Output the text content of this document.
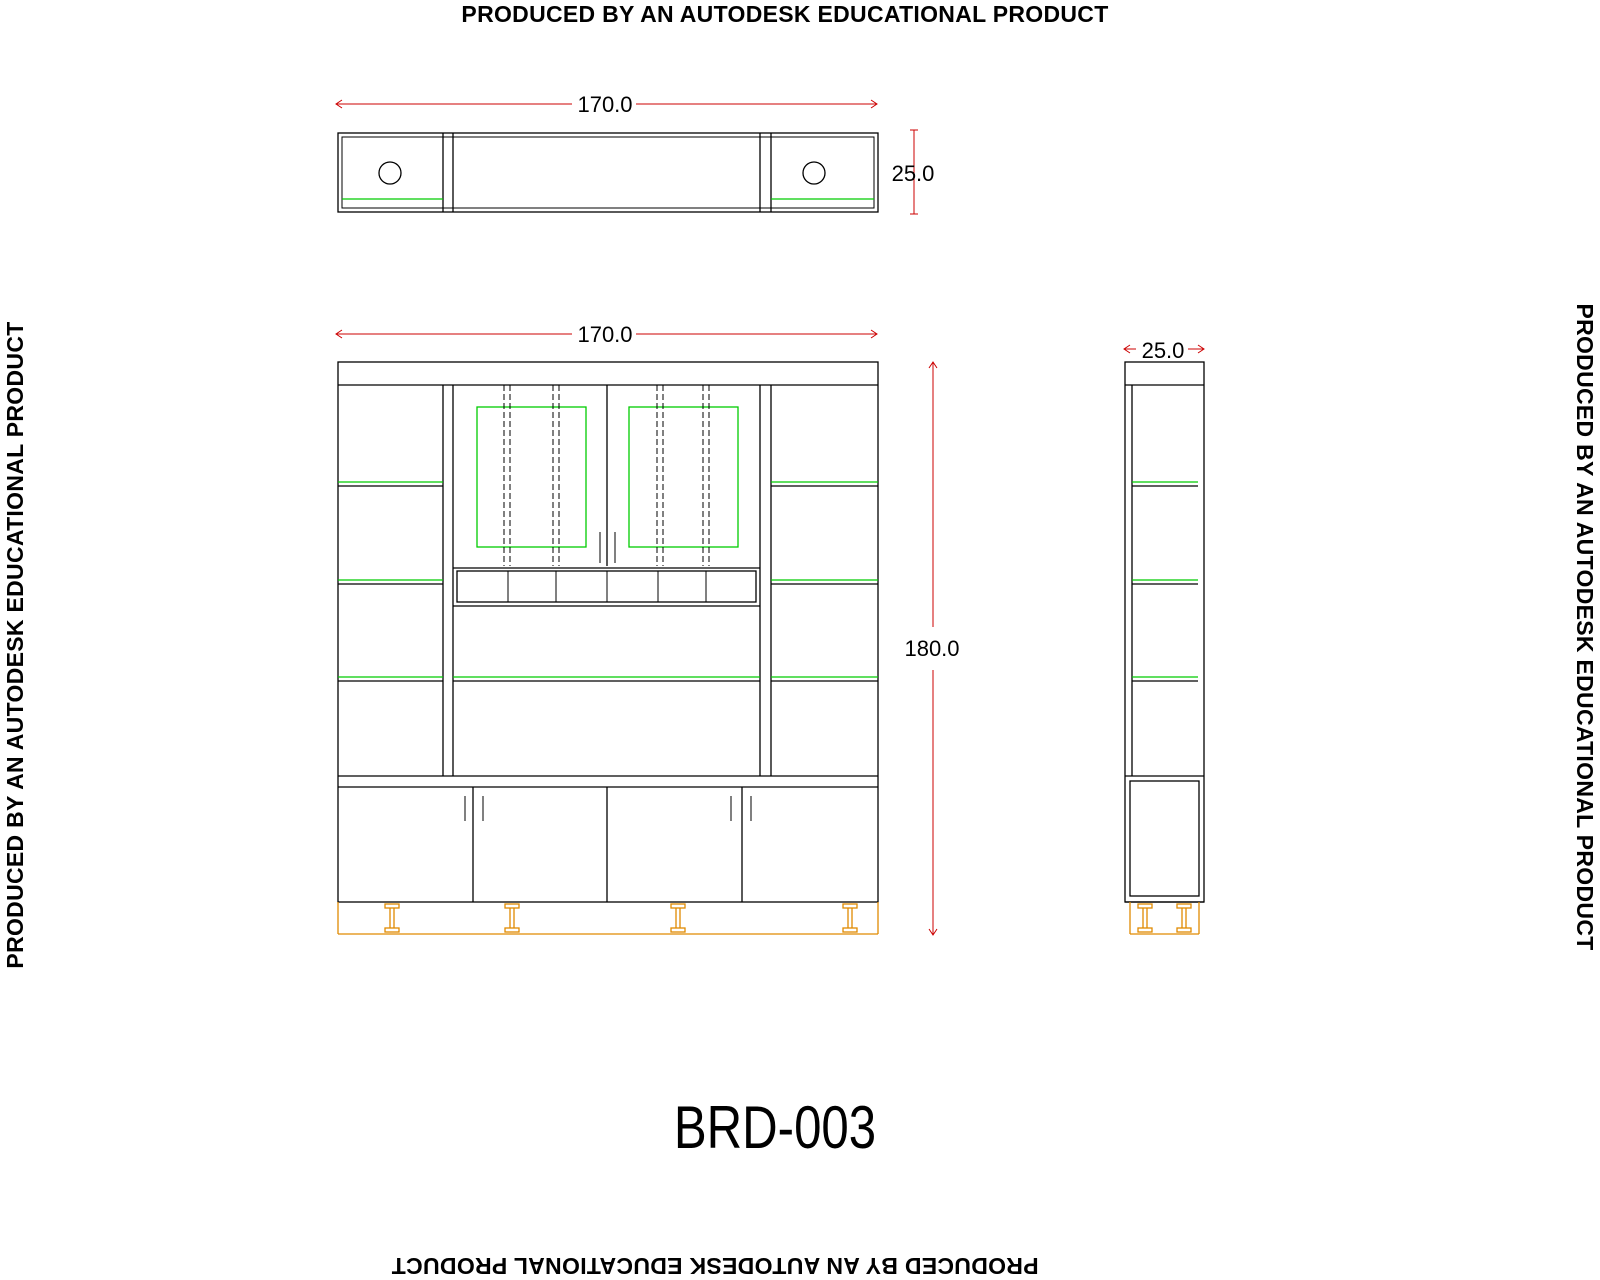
PRODUCED BY AN AUTODESK EDUCATIONAL PRODUCT
PRODUCED BY AN AUTODESK EDUCATIONAL PRODUCT	PRODUCED BY AN AUTODESK EDUCATIONAL PRODUCT
PRODUCED BY AN AUTODESK EDUCATIONAL PRODUCT
170.0
25.0
170.0
180.0
25.0
BRD-003
